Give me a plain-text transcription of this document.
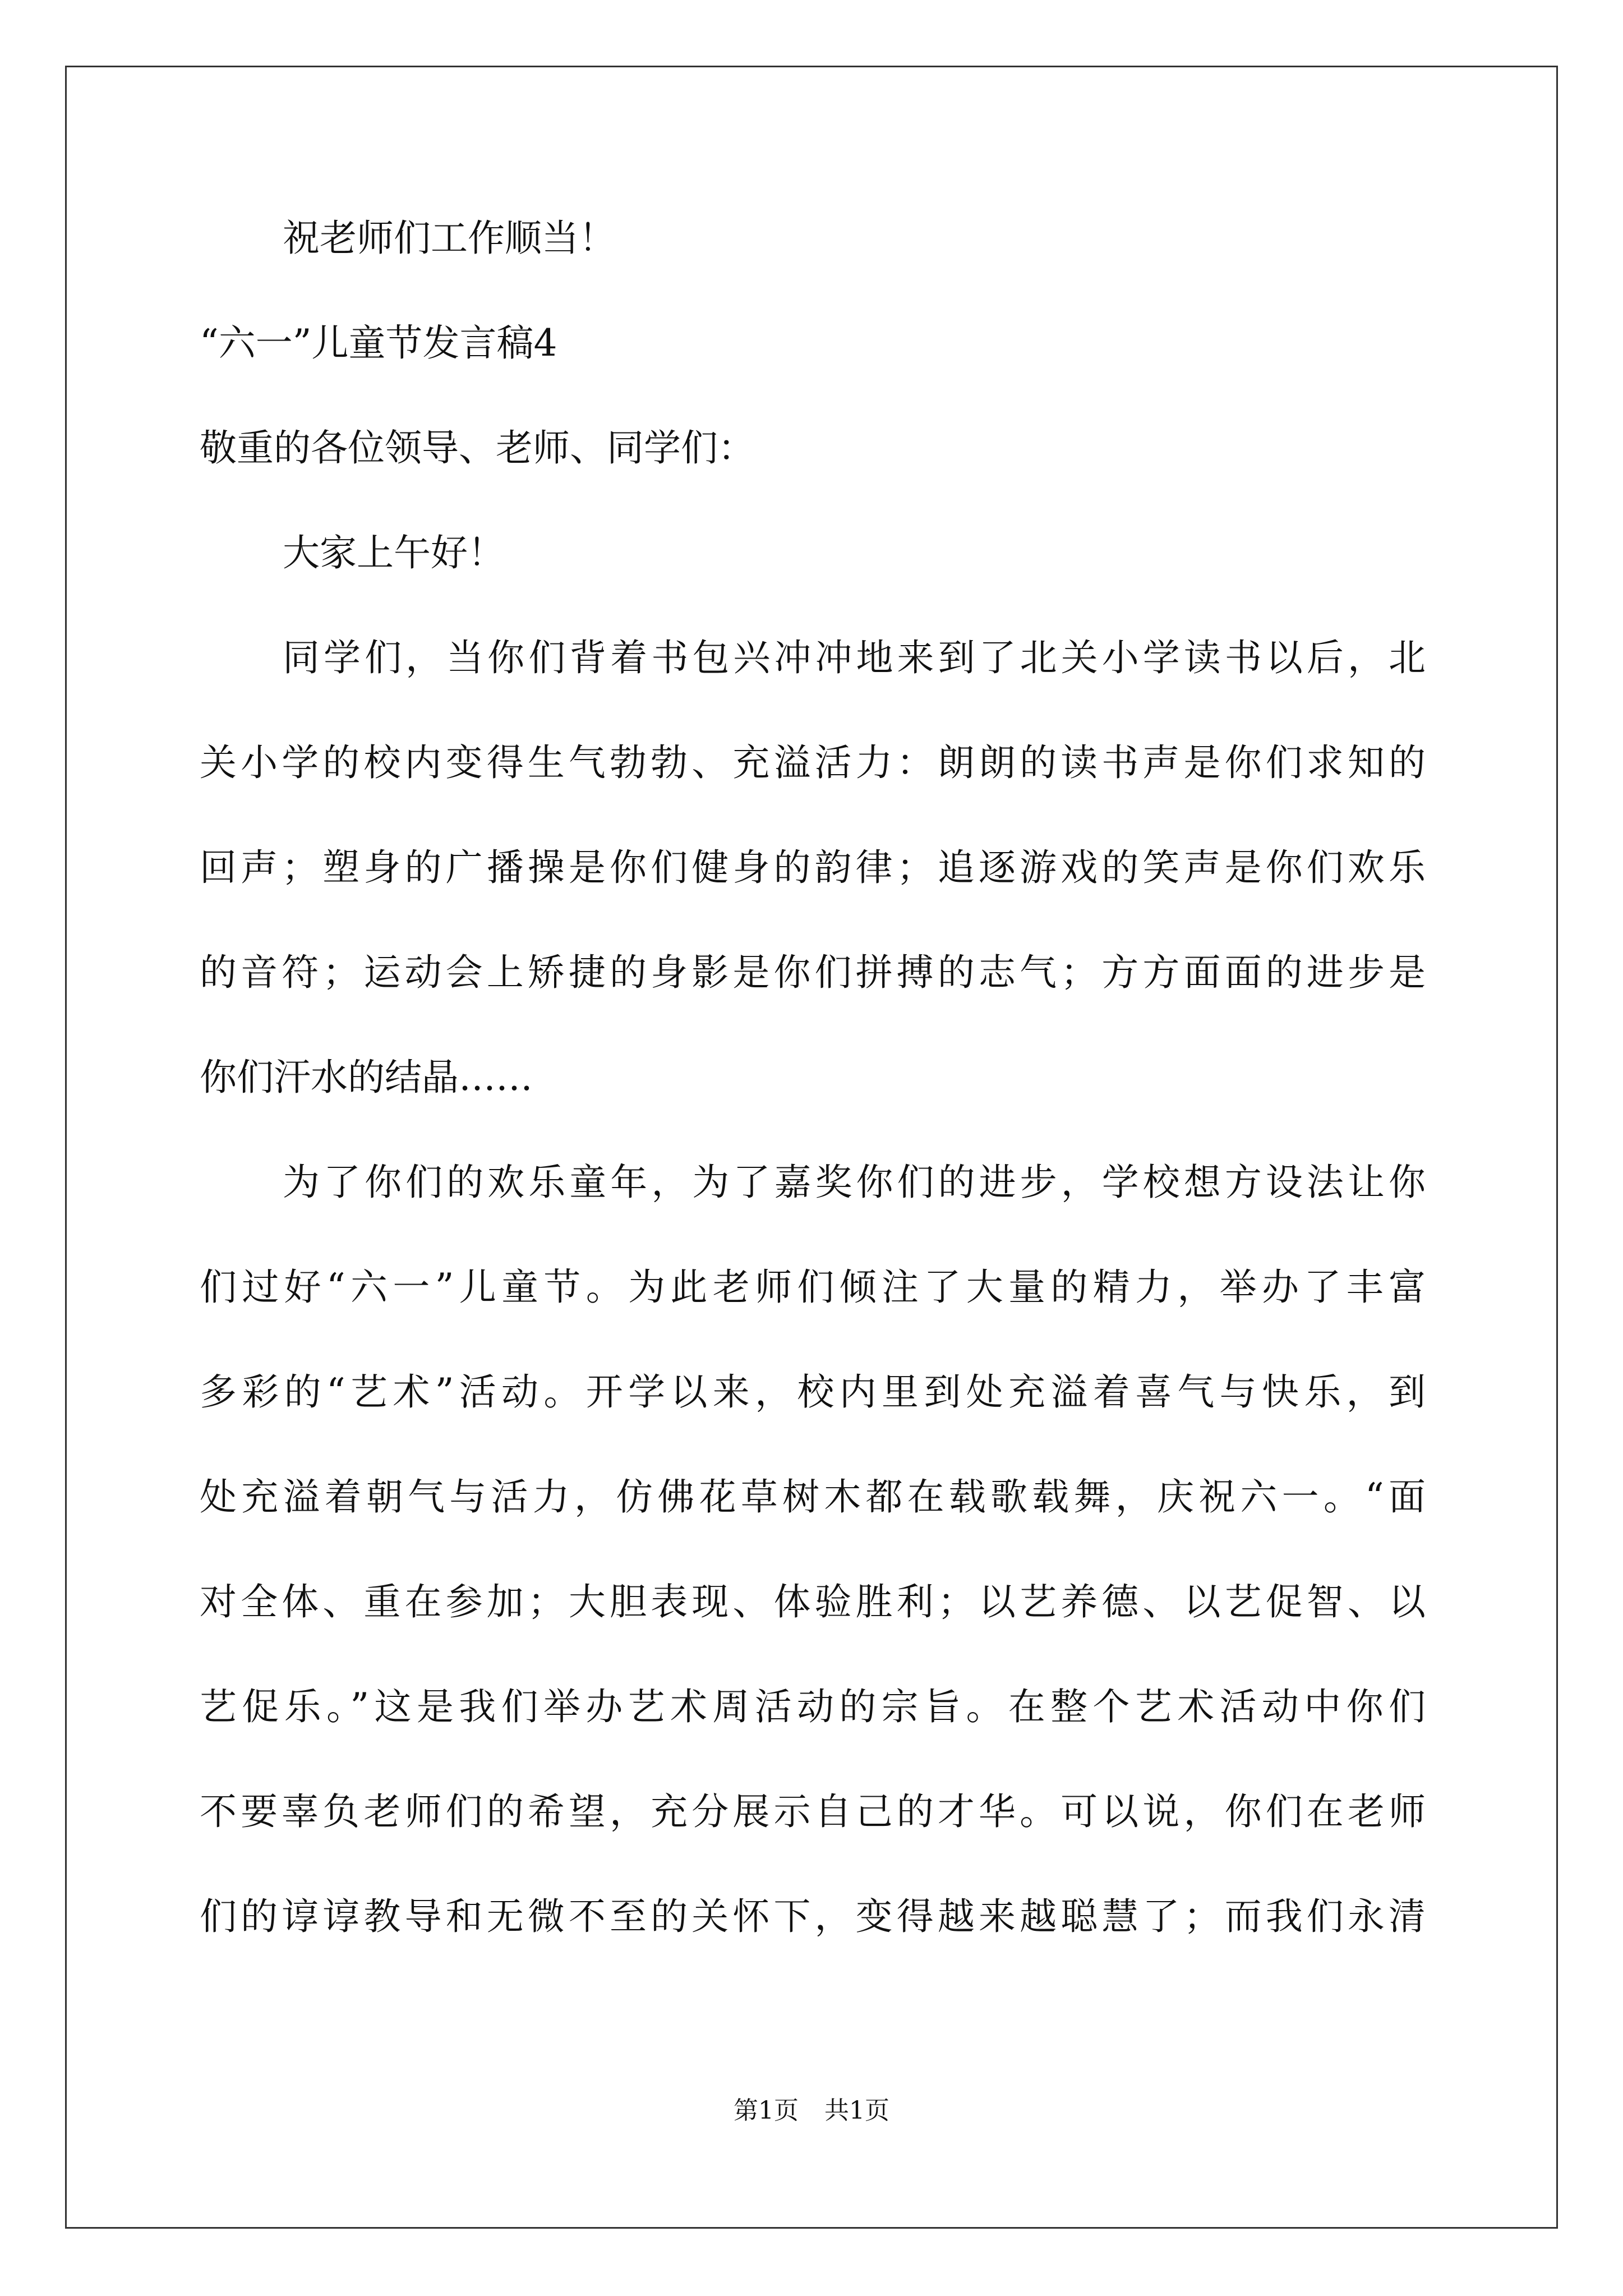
祝老师们工作顺当！
“六一”儿童节发言稿4
敬重的各位领导、老师、同学们：
大家上午好！
同学们，当你们背着书包兴冲冲地来到了北关小学读书以后，北
关小学的校内变得生气勃勃、充溢活力：朗朗的读书声是你们求知的
回声；塑身的广播操是你们健身的韵律；追逐游戏的笑声是你们欢乐
的音符；运动会上矫捷的身影是你们拼搏的志气；方方面面的进步是
你们汗水的结晶……
为了你们的欢乐童年，为了嘉奖你们的进步，学校想方设法让你
们过好“六一”儿童节。为此老师们倾注了大量的精力，举办了丰富
多彩的“艺术”活动。开学以来，校内里到处充溢着喜气与快乐，到
处充溢着朝气与活力，仿佛花草树木都在载歌载舞，庆祝六一。“面
对全体、重在参加；大胆表现、体验胜利；以艺养德、以艺促智、以
艺促乐。”这是我们举办艺术周活动的宗旨。在整个艺术活动中你们
不要辜负老师们的希望，充分展示自己的才华。可以说，你们在老师
们的谆谆教导和无微不至的关怀下，变得越来越聪慧了；而我们永清
第1页 共1页
